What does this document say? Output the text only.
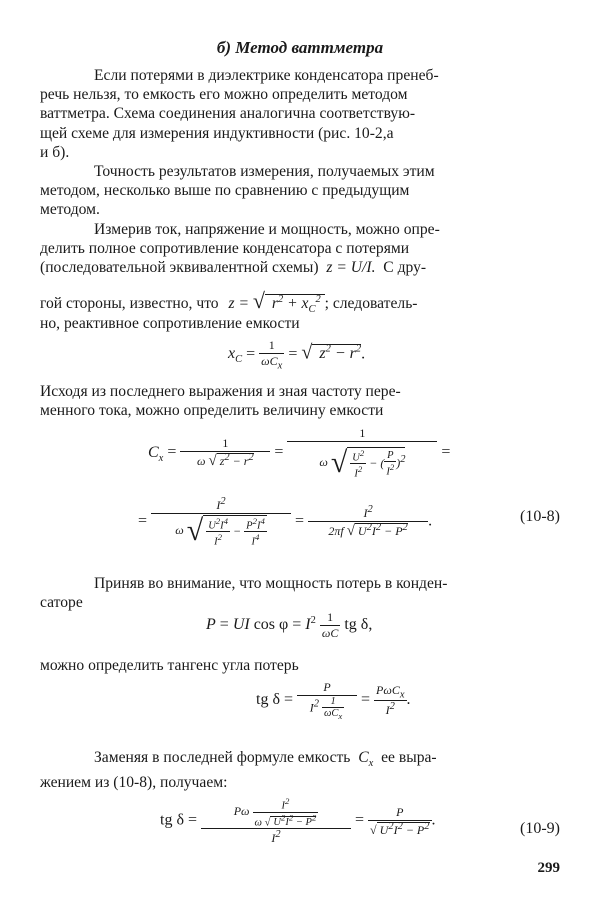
б) Метод ваттметра
Если потерями в диэлектрике конденсатора пренеб-
речь нельзя, то емкость его можно определить методом
ваттметра. Схема соединения аналогична соответствую-
щей схеме для измерения индуктивности (рис. 10-2,а
и б).
Точность результатов измерения, получаемых этим
методом, несколько выше по сравнению с предыдущим
методом.
Измерив ток, напряжение и мощность, можно опре-
делить полное сопротивление конденсатора с потерями
(последовательной эквивалентной схемы) z = U/I. С дру-
гой стороны, известно, что z = √ $r^2 + x_C^2$ ; следователь-
но, реактивное сопротивление емкости
$x_C = \frac{1}{\omega C_x}$ = √ $z^2 - r^2$.
Исходя из последнего выражения и зная частоту пере-
менного тока, можно определить величину емкости
$C_x = \frac{1}{\omega √ z^2 - r^2} = \frac{1}{\omega √ \frac{U^2}{I^2} - ( \frac{P}{I^2} )^2}$ =
= $\frac{I^2}{\omega √ \frac{U^2I^4}{I^2} - \frac{P^2I^4}{I^4}} = \frac{I^2}{2\pi f √ U^2I^2 - P^2}$ .	(10-8)
Приняв во внимание, что мощность потерь в конден-
саторе
P = UI $\cos \varphi = I^2 \frac{1}{\omega C}$ tg δ,
можно определить тангенс угла потерь
tg $\delta = \frac{P}{I^2 \frac{1}{\omega C_x}} = \frac{P\omega C_x}{I^2}$ .
Заменяя в последней формуле емкость  $C_x$ ее выра-
жением из (10-8), получаем:
tg $\delta = \frac{P\omega \frac{I^2}{\omega √ U^2I^2 - P^2}}{I^2} = \frac{P}{√ U^2I^2 - P^2}$ .	(10-9)
299
